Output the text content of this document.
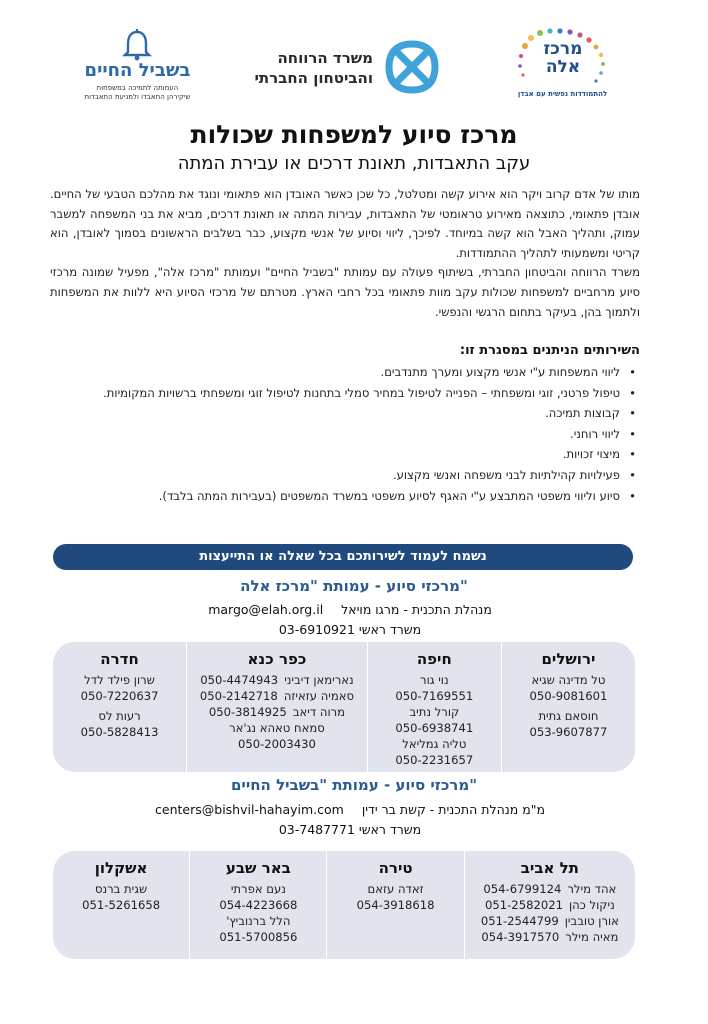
מרכז
אלה
להתמודדות נפשית עם אבדן
משרד הרווחה
והביטחון החברתי
בשביל החיים
העמותה לתמיכה במשפחות
שיקירהן התאבדו ולמניעת התאבדות
מרכז סיוע למשפחות שכולות
עקב התאבדות, תאונת דרכים או עבירת המתה

מותו של אדם קרוב ויקר הוא אירוע קשה ומטלטל, כל שכן כאשר האובדן הוא פתאומי ונוגד את מהלכם הטבעי של החיים. אובדן פתאומי, כתוצאה מאירוע טראומטי של התאבדות, עבירות המתה או תאונת דרכים, מביא את בני המשפחה למשבר עמוק, ותהליך האבל הוא קשה במיוחד. לפיכך, ליווי וסיוע של אנשי מקצוע, כבר בשלבים הראשונים בסמוך לאובדן, הוא קריטי ומשמעותי לתהליך ההתמודדות.

משרד הרווחה והביטחון החברתי, בשיתוף פעולה עם עמותת "בשביל החיים" ועמותת "מרכז אלה", מפעיל שמונה מרכזי סיוע מרחביים למשפחות שכולות עקב מוות פתאומי בכל רחבי הארץ. מטרתם של מרכזי הסיוע היא ללוות את המשפחות ולתמוך בהן, בעיקר בתחום הרגשי והנפשי.

השירותים הניתנים במסגרת זו:
• ליווי המשפחות ע"י אנשי מקצוע ומערך מתנדבים.
• טיפול פרטני, זוגי ומשפחתי – הפנייה לטיפול במחיר סמלי בתחנות לטיפול זוגי ומשפחתי ברשויות המקומיות.
• קבוצות תמיכה.
• ליווי רוחני.
• מיצוי זכויות.
• פעילויות קהילתיות לבני משפחה ואנשי מקצוע.
• סיוע וליווי משפטי המתבצע ע"י האגף לסיוע משפטי במשרד המשפטים (בעבירות המתה בלבד).
נשמח לעמוד לשירותכם בכל שאלה או התייעצות
מרכזי סיוע - עמותת "מרכז אלה"
מנהלת התכנית - מרגו מויאל margo@elah.org.il
משרד ראשי 03-6910921
ירושלים
טל מדינה שגיא
050-9081601
חוסאם גתית
053-9607877
חיפה
נוי גור
050-7169551
קורל נתיב
050-6938741
טליה גמליאל
050-2231657
כפר כנא
נארימאן דיביני
050-4474943
סאמיה עזאיזה
050-2142718
מרוה דיאב
050-3814925
סמאח טאהא נג'אר
050-2003430
חדרה
שרון פילד לדל
050-7220637
רעות לס
050-5828413
מרכזי סיוע - עמותת "בשביל החיים"
מ"מ מנהלת התכנית - קשת בר ידין centers@bishvil-hahayim.com
משרד ראשי 03-7487771
תל אביב
אהד מילר
054-6799124
ניקול כהן
051-2582021
אורן טובבין
051-2544799
מאיה מילר
054-3917570
טירה
זאדה עזאם
054-3918618
באר שבע
נעם אפרתי
054-4223668
הלל ברנוביץ'
051-5700856
אשקלון
שגית ברנס
051-5261658
